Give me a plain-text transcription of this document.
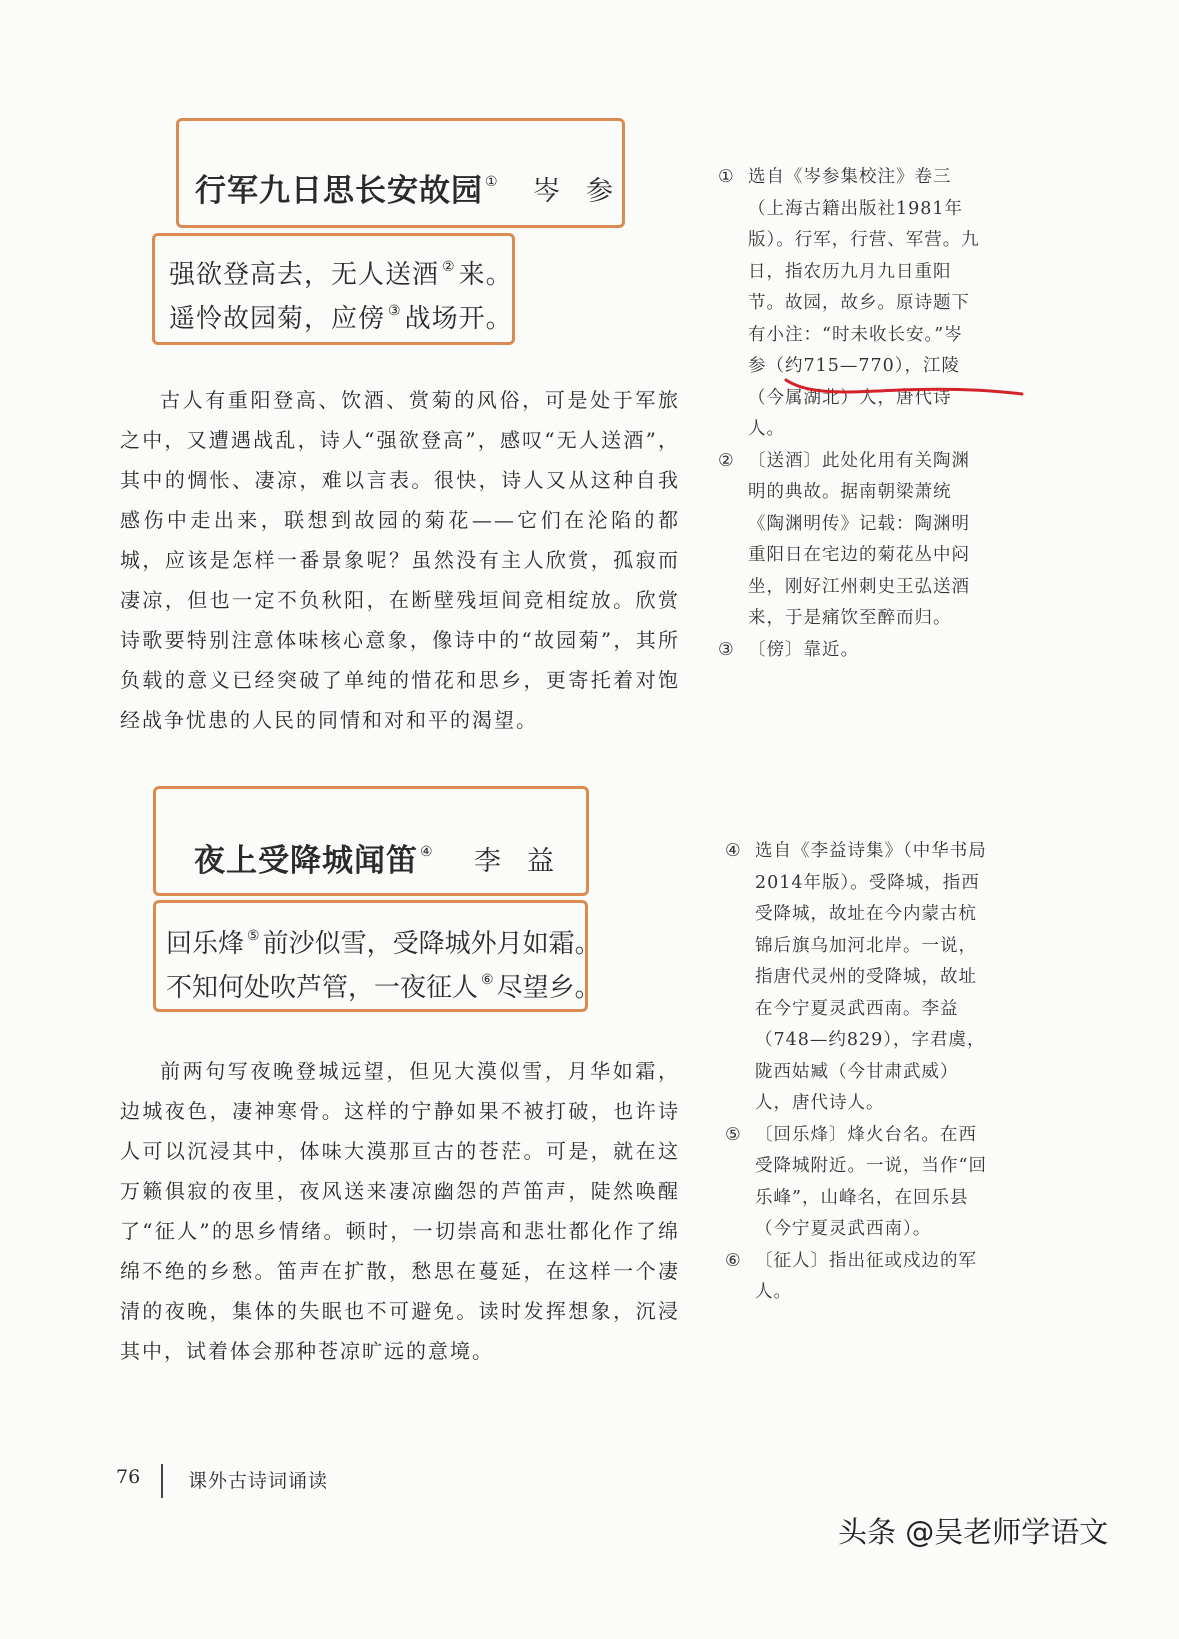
行军九日思长安故园 ① 岑参
强欲登高去，无人送酒 ② 来。
遥怜故园菊，应傍 ③ 战场开。

古人有重阳登高、饮酒、赏菊的风俗，可是处于军旅之中，又遭遇战乱，诗人“强欲登高”，感叹“无人送酒”，其中的惆怅、凄凉，难以言表。很快，诗人又从这种自我感伤中走出来，联想到故园的菊花——它们在沦陷的都城，应该是怎样一番景象呢？虽然没有主人欣赏，孤寂而凄凉，但也一定不负秋阳，在断壁残垣间竞相绽放。欣赏诗歌要特别注意体味核心意象，像诗中的“故园菊”，其所负载的意义已经突破了单纯的惜花和思乡，更寄托着对饱经战争忧患的人民的同情和对和平的渴望。

① 选自《岑参集校注》卷三（上海古籍出版社1981年版）。行军，行营、军营。九日，指农历九月九日重阳节。故园，故乡。原诗题下有小注：“时未收长安。”岑参（约715—770），江陵（今属湖北）人，唐代诗人。
② 〔送酒〕此处化用有关陶渊明的典故。据南朝梁萧统《陶渊明传》记载：陶渊明重阳日在宅边的菊花丛中闷坐，刚好江州刺史王弘送酒来，于是痛饮至醉而归。
③ 〔傍〕靠近。
夜上受降城闻笛 ④ 李益
回乐烽 ⑤ 前沙似雪，受降城外月如霜。
不知何处吹芦管，一夜征人 ⑥ 尽望乡。

前两句写夜晚登城远望，但见大漠似雪，月华如霜，边城夜色，凄神寒骨。这样的宁静如果不被打破，也许诗人可以沉浸其中，体味大漠那亘古的苍茫。可是，就在这万籁俱寂的夜里，夜风送来凄凉幽怨的芦笛声，陡然唤醒了“征人”的思乡情绪。顿时，一切崇高和悲壮都化作了绵绵不绝的乡愁。笛声在扩散，愁思在蔓延，在这样一个凄清的夜晚，集体的失眠也不可避免。读时发挥想象，沉浸其中，试着体会那种苍凉旷远的意境。

④ 选自《李益诗集》（中华书局2014年版）。受降城，指西受降城，故址在今内蒙古杭锦后旗乌加河北岸。一说，指唐代灵州的受降城，故址在今宁夏灵武西南。李益（748—约829），字君虞，陇西姑臧（今甘肃武威）人，唐代诗人。
⑤ 〔回乐烽〕烽火台名。在西受降城附近。一说，当作“回乐峰”，山峰名，在回乐县（今宁夏灵武西南）。
⑥ 〔征人〕指出征或戍边的军人。
76	课外古诗词诵读
头条 @吴老师学语文
